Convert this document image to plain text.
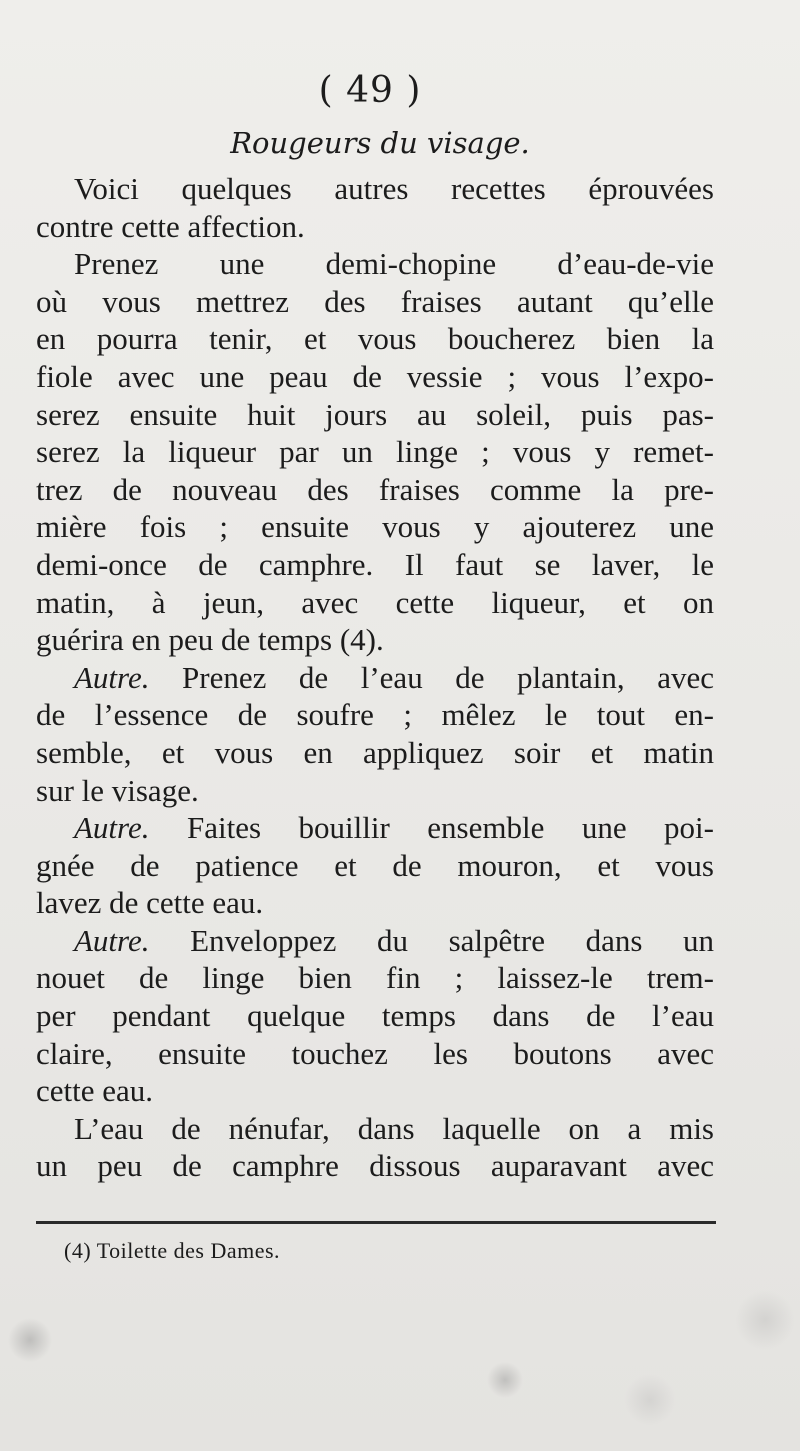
( 49 )
Rougeurs du visage.
Voici quelques autres recettes éprouvées
contre cette affection.
Prenez une demi-chopine d’eau-de-vie
où vous mettrez des fraises autant qu’elle
en pourra tenir, et vous boucherez bien la
fiole avec une peau de vessie ; vous l’expo-
serez ensuite huit jours au soleil, puis pas-
serez la liqueur par un linge ; vous y remet-
trez de nouveau des fraises comme la pre-
mière fois ; ensuite vous y ajouterez une
demi-once de camphre. Il faut se laver, le
matin, à jeun, avec cette liqueur, et on
guérira en peu de temps (4).
Autre. Prenez de l’eau de plantain, avec
de l’essence de soufre ; mêlez le tout en-
semble, et vous en appliquez soir et matin
sur le visage.
Autre. Faites bouillir ensemble une poi-
gnée de patience et de mouron, et vous
lavez de cette eau.
Autre. Enveloppez du salpêtre dans un
nouet de linge bien fin ; laissez-le trem-
per pendant quelque temps dans de l’eau
claire, ensuite touchez les boutons avec
cette eau.
L’eau de nénufar, dans laquelle on a mis
un peu de camphre dissous auparavant avec
(4) Toilette des Dames.
